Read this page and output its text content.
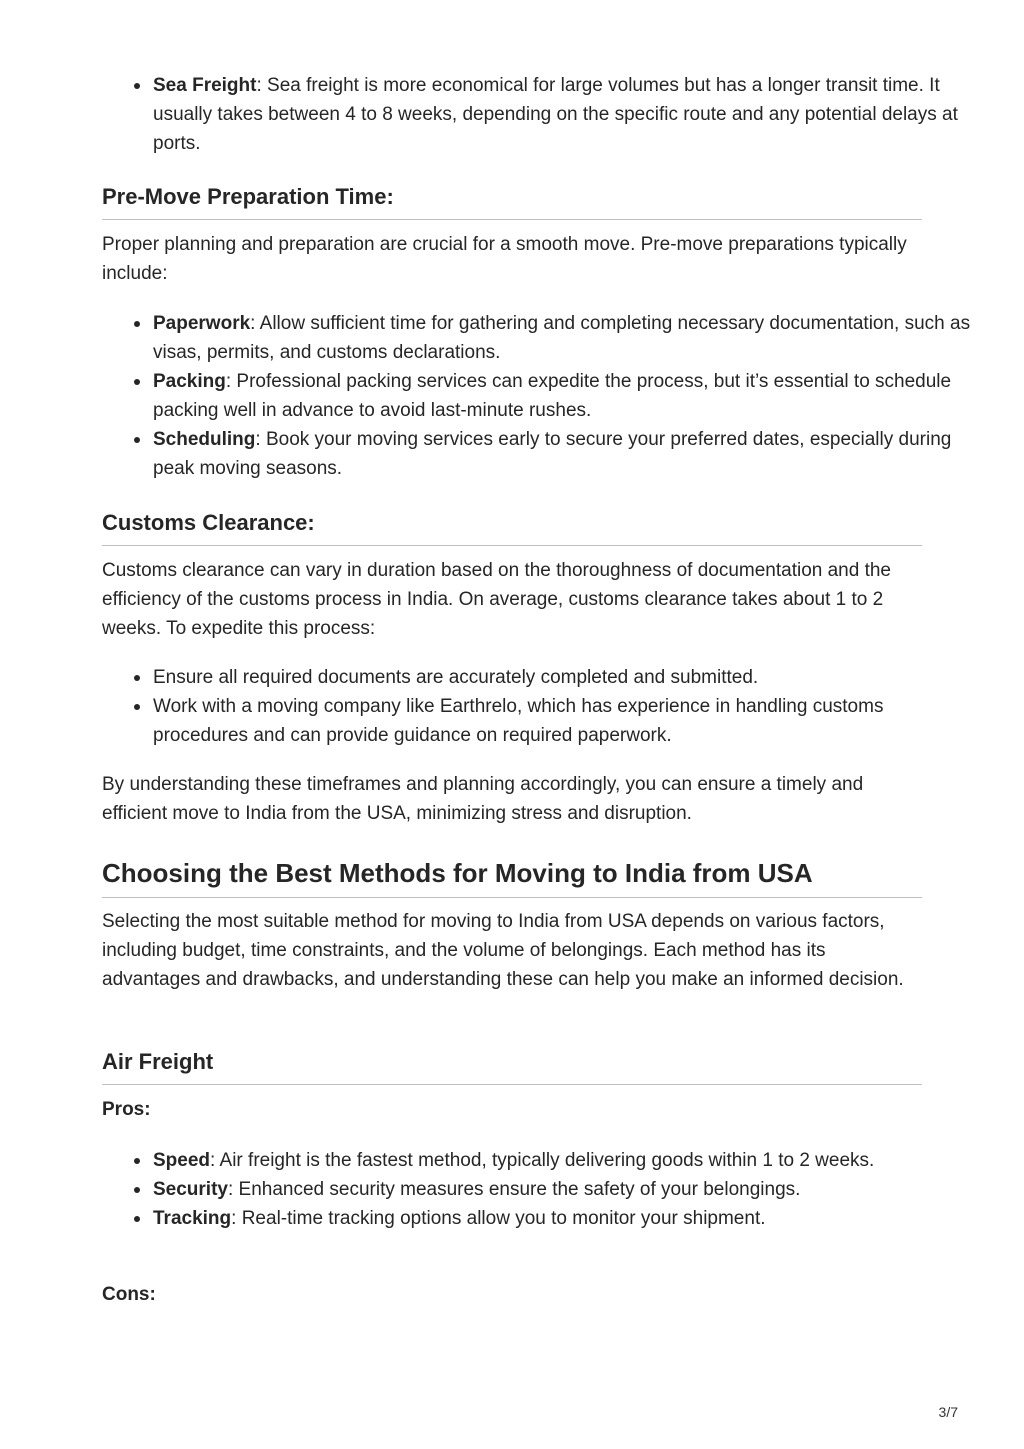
Sea Freight: Sea freight is more economical for large volumes but has a longer transit time. It usually takes between 4 to 8 weeks, depending on the specific route and any potential delays at ports.
Pre-Move Preparation Time:

Proper planning and preparation are crucial for a smooth move. Pre-move preparations typically include:

Paperwork: Allow sufficient time for gathering and completing necessary documentation, such as visas, permits, and customs declarations.
Packing: Professional packing services can expedite the process, but it’s essential to schedule packing well in advance to avoid last-minute rushes.
Scheduling: Book your moving services early to secure your preferred dates, especially during peak moving seasons.
Customs Clearance:

Customs clearance can vary in duration based on the thoroughness of documentation and the efficiency of the customs process in India. On average, customs clearance takes about 1 to 2 weeks. To expedite this process:

Ensure all required documents are accurately completed and submitted.
Work with a moving company like Earthrelo, which has experience in handling customs procedures and can provide guidance on required paperwork.

By understanding these timeframes and planning accordingly, you can ensure a timely and efficient move to India from the USA, minimizing stress and disruption.

Choosing the Best Methods for Moving to India from USA

Selecting the most suitable method for moving to India from USA depends on various factors, including budget, time constraints, and the volume of belongings. Each method has its advantages and drawbacks, and understanding these can help you make an informed decision.

Air Freight

Pros:

Speed: Air freight is the fastest method, typically delivering goods within 1 to 2 weeks.
Security: Enhanced security measures ensure the safety of your belongings.
Tracking: Real-time tracking options allow you to monitor your shipment.

Cons:

3/7
